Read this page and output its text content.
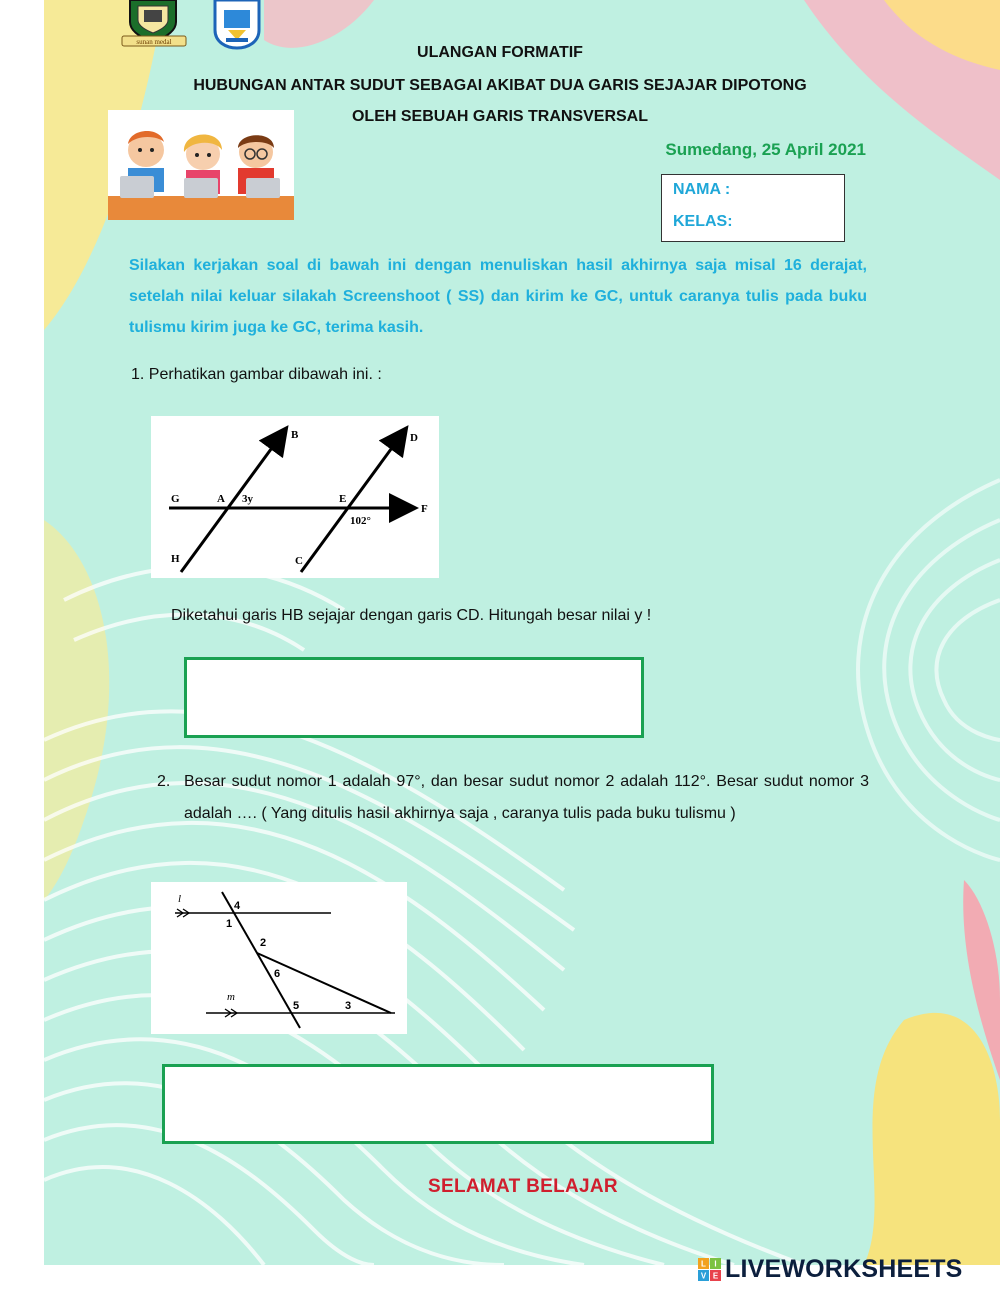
sunan medal
ULANGAN FORMATIF
HUBUNGAN ANTAR SUDUT SEBAGAI AKIBAT DUA GARIS SEJAJAR DIPOTONG
OLEH SEBUAH GARIS TRANSVERSAL
Sumedang, 25 April 2021
NAMA :
KELAS:
Silakan kerjakan soal di bawah ini dengan menuliskan hasil akhirnya saja misal 16 derajat, setelah nilai keluar silakah Screenshoot ( SS) dan kirim ke GC, untuk caranya tulis pada buku tulismu kirim juga ke GC, terima kasih.
1. Perhatikan gambar dibawah ini. :
B	D
G	A 3y	E
F
102°
H	C
Diketahui garis HB sejajar dengan garis CD. Hitungah besar nilai y !
2. Besar sudut nomor 1 adalah 97°, dan besar sudut nomor 2 adalah 112°. Besar sudut nomor 3 adalah …. ( Yang ditulis hasil akhirnya saja , caranya tulis pada buku tulismu )
l
4
1
2
6
m
5	3
SELAMAT BELAJAR
L I
V E LIVEWORKSHEETS
